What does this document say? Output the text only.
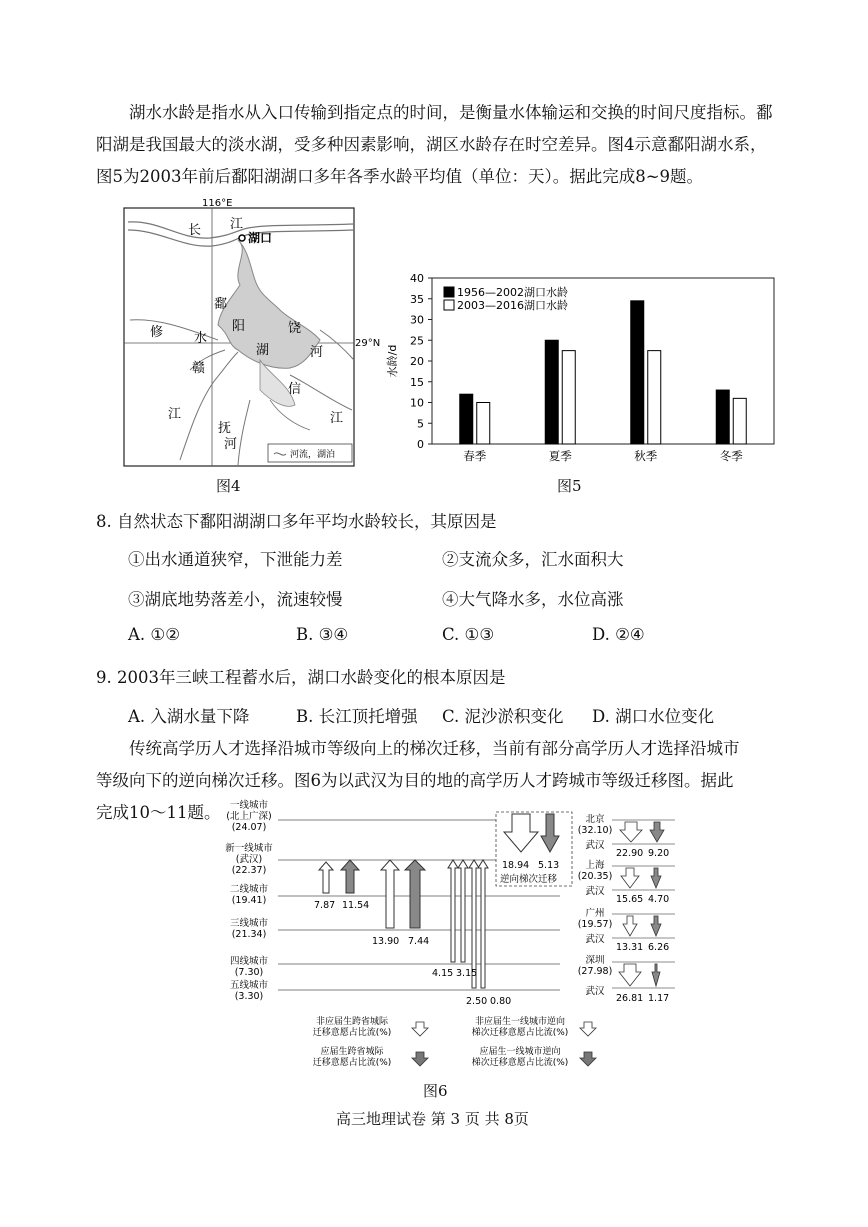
湖水水龄是指水从入口传输到指定点的时间，是衡量水体输运和交换的时间尺度指标。鄱

阳湖是我国最大的淡水湖，受多种因素影响，湖区水龄存在时空差异。图4示意鄱阳湖水系，

图5为2003年前后鄱阳湖湖口多年各季水龄平均值（单位：天）。据此完成8~9题。

116°E
29°N
湖口
长 江
鄱
阳
湖
修 水
赣
江
饶
河
信
江
抚
河
河流，湖泊
图4
0
5
10
15
20
25
30
35
40
水龄/d
春季	夏季	秋季	冬季
1956—2002湖口水龄
2003—2016湖口水龄
图5
8. 自然状态下鄱阳湖湖口多年平均水龄较长，其原因是
①出水通道狭窄，下泄能力差	②支流众多，汇水面积大
③湖底地势落差小，流速较慢	④大气降水多，水位高涨
A. ①②	B. ③④	C. ①③	D. ②④
9. 2003年三峡工程蓄水后，湖口水龄变化的根本原因是
A. 入湖水量下降	B. 长江顶托增强 C. 泥沙淤积变化 D. 湖口水位变化

传统高学历人才选择沿城市等级向上的梯次迁移，当前有部分高学历人才选择沿城市

等级向下的逆向梯次迁移。图6为以武汉为目的地的高学历人才跨城市等级迁移图。据此

完成10～11题。 一线城市
(北上广深)
(24.07)
新一线城市
(武汉)
(22.37)
二线城市
(19.41)
三线城市
(21.34)
四线城市
(7.30)
五线城市
(3.30)
7.87 11.54
13.90 7.44
4.15 3.15
2.50 0.80
18.94 5.13
逆向梯次迁移
北京
(32.10)
武汉
上海
(20.35)
武汉
广州
(19.57)
武汉
深圳
(27.98)
武汉
22.90 9.20
15.65 4.70
13.31 6.26
26.81 1.17
非应届生跨省城际
迁移意愿占比流(%)
非应届生一线城市逆向
梯次迁移意愿占比流(%)
应届生跨省城际
迁移意愿占比流(%)
应届生一线城市逆向
梯次迁移意愿占比流(%)
图6
高三地理试卷 第 3 页 共 8页
